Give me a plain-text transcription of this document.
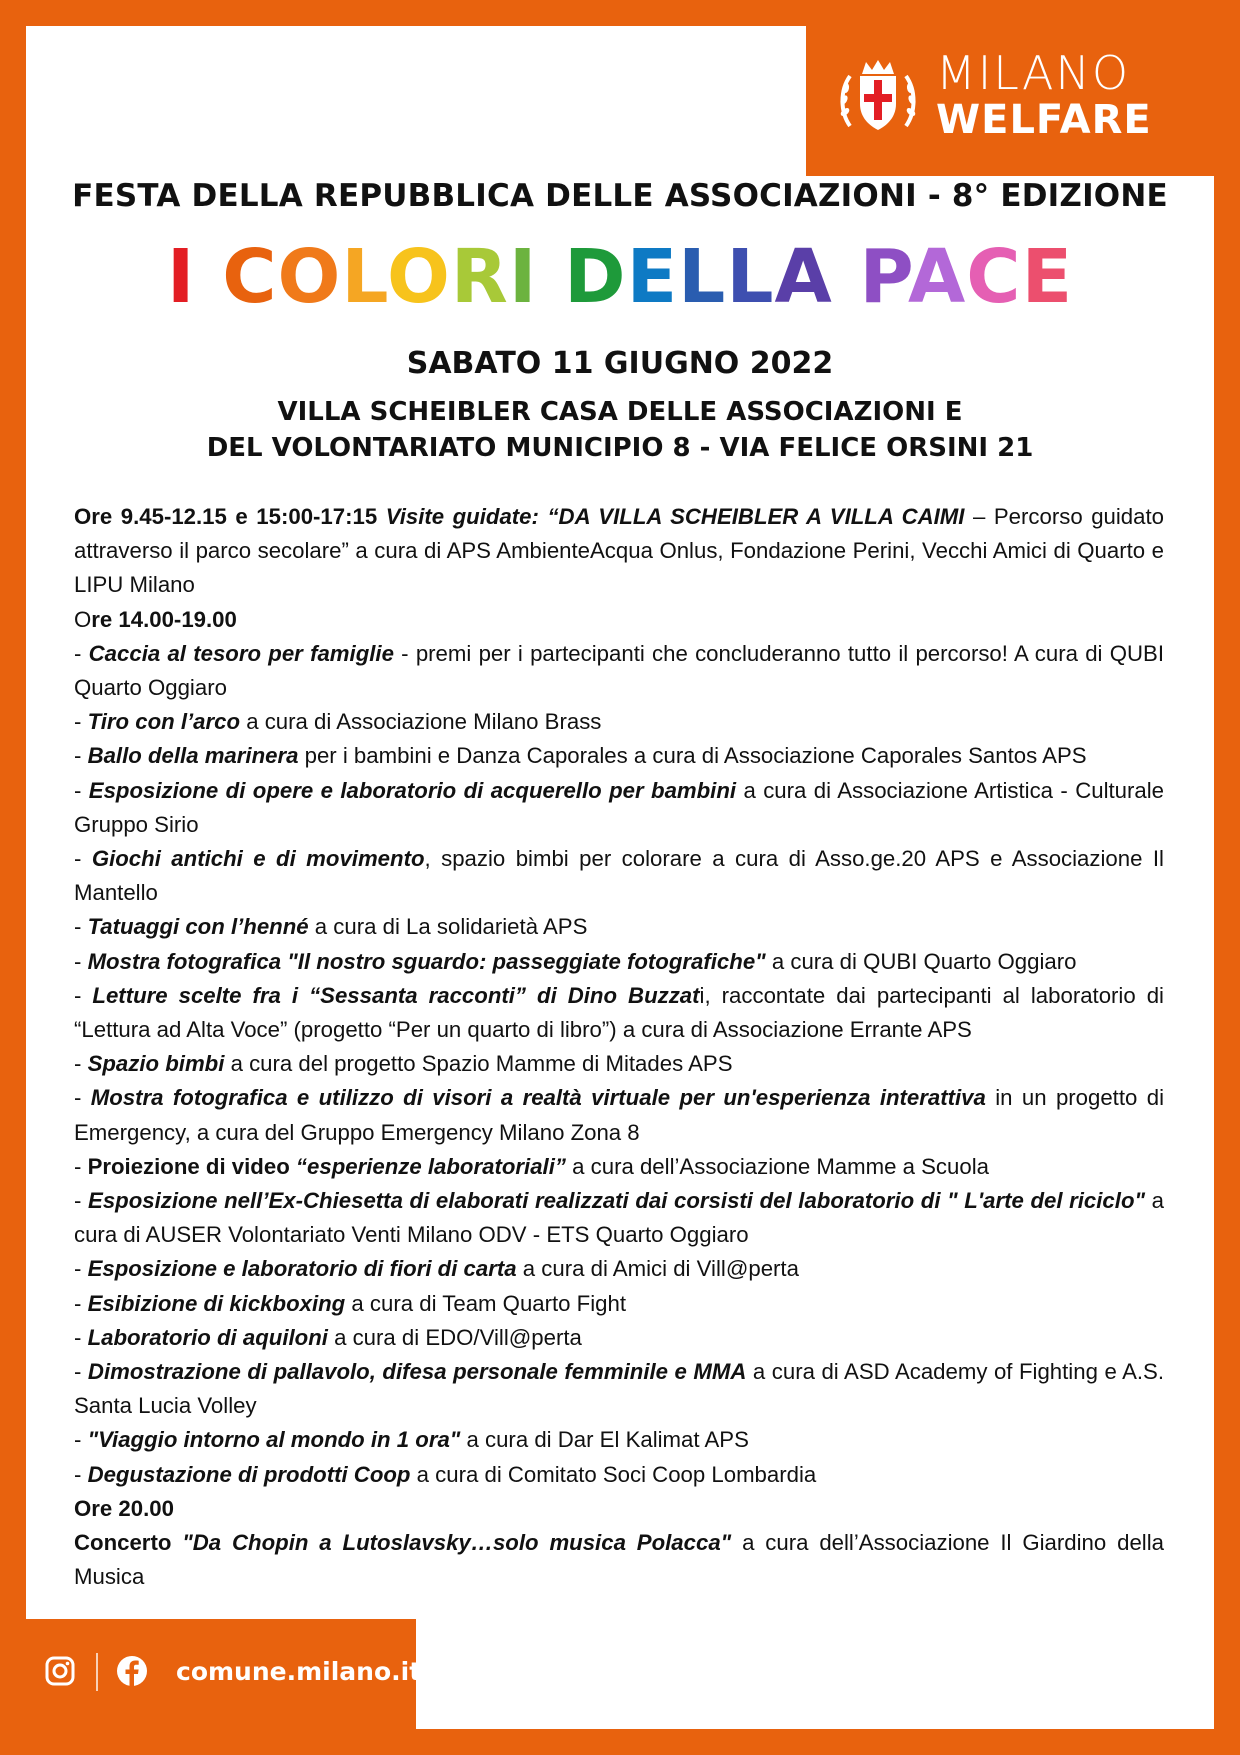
MILANO
WELFARE
FESTA DELLA REPUBBLICA DELLE ASSOCIAZIONI - 8° EDIZIONE
I COLORI DELLA PACE
SABATO 11 GIUGNO 2022
VILLA SCHEIBLER CASA DELLE ASSOCIAZIONI E
DEL VOLONTARIATO MUNICIPIO 8 - VIA FELICE ORSINI 21

Ore 9.45-12.15 e 15:00-17:15 Visite guidate: “DA VILLA SCHEIBLER A VILLA CAIMI – Percorso guidato attraverso il parco secolare” a cura di APS AmbienteAcqua Onlus, Fondazione Perini, Vecchi Amici di Quarto e LIPU Milano

Ore 14.00-19.00

- Caccia al tesoro per famiglie - premi per i partecipanti che concluderanno tutto il percorso! A cura di QUBI Quarto Oggiaro

- Tiro con l’arco a cura di Associazione Milano Brass

- Ballo della marinera per i bambini e Danza Caporales a cura di Associazione Caporales Santos APS

- Esposizione di opere e laboratorio di acquerello per bambini a cura di Associazione Artistica - Culturale Gruppo Sirio

- Giochi antichi e di movimento, spazio bimbi per colorare a cura di Asso.ge.20 APS e Associazione Il Mantello

- Tatuaggi con l’henné a cura di La solidarietà APS

- Mostra fotografica "Il nostro sguardo: passeggiate fotografiche" a cura di QUBI Quarto Oggiaro

- Letture scelte fra i “Sessanta racconti” di Dino Buzzati, raccontate dai partecipanti al laboratorio di “Lettura ad Alta Voce” (progetto “Per un quarto di libro”) a cura di Associazione Errante APS

- Spazio bimbi a cura del progetto Spazio Mamme di Mitades APS

- Mostra fotografica e utilizzo di visori a realtà virtuale per un'esperienza interattiva in un progetto di Emergency, a cura del Gruppo Emergency Milano Zona 8

- Proiezione di video “esperienze laboratoriali” a cura dell’Associazione Mamme a Scuola

- Esposizione nell’Ex-Chiesetta di elaborati realizzati dai corsisti del laboratorio di " L'arte del riciclo" a cura di AUSER Volontariato Venti Milano ODV - ETS Quarto Oggiaro

- Esposizione e laboratorio di fiori di carta a cura di Amici di Vill@perta

- Esibizione di kickboxing a cura di Team Quarto Fight

- Laboratorio di aquiloni a cura di EDO/Vill@perta

- Dimostrazione di pallavolo, difesa personale femminile e MMA a cura di ASD Academy of Fighting e A.S. Santa Lucia Volley

- "Viaggio intorno al mondo in 1 ora" a cura di Dar El Kalimat APS

- Degustazione di prodotti Coop a cura di Comitato Soci Coop Lombardia

Ore 20.00

Concerto "Da Chopin a Lutoslavsky…solo musica Polacca" a cura dell’Associazione Il Giardino della Musica

comune.milano.it
